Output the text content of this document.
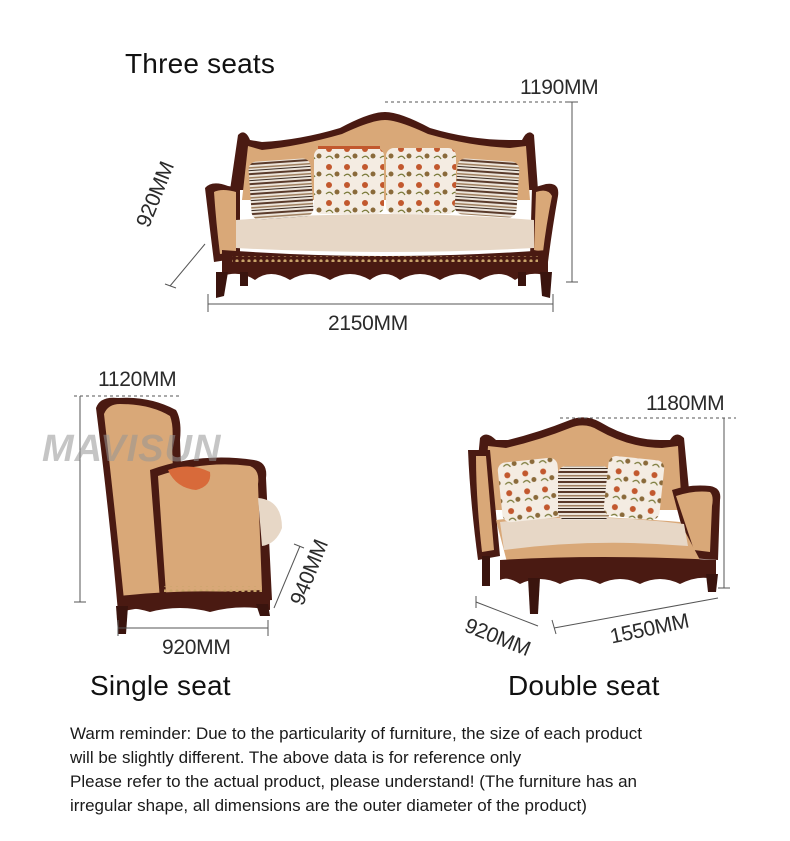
Three seats
1190MM
920MM
2150MM
1120MM
940MM
920MM
Single seat
1180MM
920MM	1550MM
Double seat
MAVISUN
Warm reminder: Due to the particularity of furniture, the size of each product
will be slightly different. The above data is for reference only
Please refer to the actual product, please understand! (The furniture has an
irregular shape, all dimensions are the outer diameter of the product)
